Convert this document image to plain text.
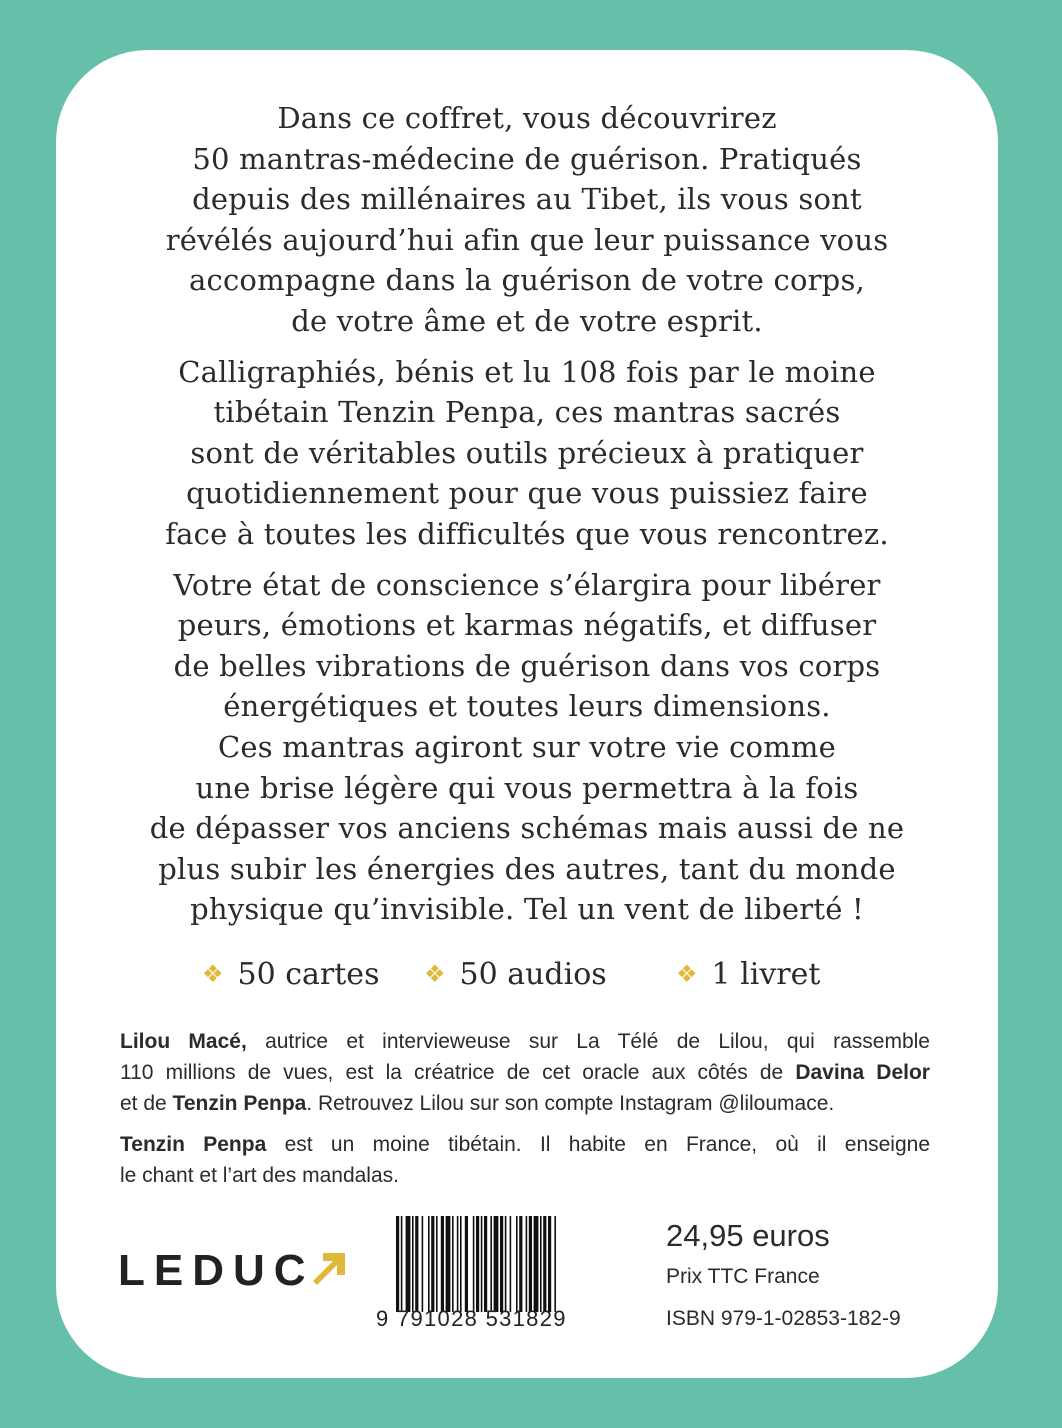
Dans ce coffret, vous découvrirez
50 mantras-médecine de guérison. Pratiqués
depuis des millénaires au Tibet, ils vous sont
révélés aujourd’hui afin que leur puissance vous
accompagne dans la guérison de votre corps,
de votre âme et de votre esprit.

Calligraphiés, bénis et lu 108 fois par le moine
tibétain Tenzin Penpa, ces mantras sacrés
sont de véritables outils précieux à pratiquer
quotidiennement pour que vous puissiez faire
face à toutes les difficultés que vous rencontrez.

Votre état de conscience s’élargira pour libérer
peurs, émotions et karmas négatifs, et diffuser
de belles vibrations de guérison dans vos corps
énergétiques et toutes leurs dimensions.
Ces mantras agiront sur votre vie comme
une brise légère qui vous permettra à la fois
de dépasser vos anciens schémas mais aussi de ne
plus subir les énergies des autres, tant du monde
physique qu’invisible. Tel un vent de liberté !

❖ 50 cartes ❖ 50 audios	❖ 1 livret

Lilou Macé, autrice et intervieweuse sur La Télé de Lilou, qui rassemble
110 millions de vues, est la créatrice de cet oracle aux côtés de Davina Delor
et de Tenzin Penpa. Retrouvez Lilou sur son compte Instagram @liloumace.

Tenzin Penpa est un moine tibétain. Il habite en France, où il enseigne
le chant et l’art des mandalas.

LEDUC
9 791028 531829
24,95 euros
Prix TTC France
ISBN 979-1-02853-182-9
